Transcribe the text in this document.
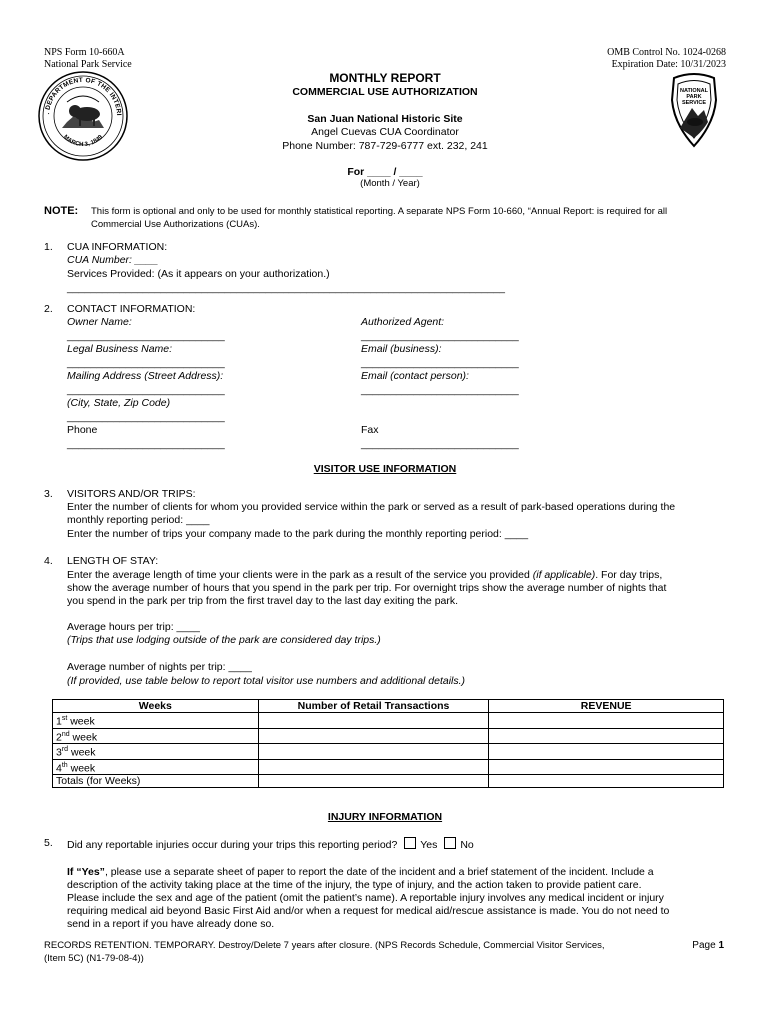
NPS Form 10-660A
National Park Service
OMB Control No. 1024-0268
Expiration Date: 10/31/2023
. DEPARTMENT OF THE INTERI
MARCH 3, 1849
NATIONAL
PARK
SERVICE
MONTHLY REPORT
COMMERCIAL USE AUTHORIZATION
San Juan National Historic Site
Angel Cuevas CUA Coordinator
Phone Number: 787-729-6777 ext. 232, 241
For ____ / ____
(Month / Year)
NOTE: This form is optional and only to be used for monthly statistical reporting. A separate NPS Form 10-660, “Annual Report: is required for all
Commercial Use Authorizations (CUAs).
1. CUA INFORMATION:
CUA Number: ____
Services Provided: (As it appears on your authorization.)
___________________________________________________________________________
2. CONTACT INFORMATION:
Owner Name:	Authorized Agent:
___________________________	___________________________
Legal Business Name:	Email (business):
___________________________	___________________________
Mailing Address (Street Address):	Email (contact person):
___________________________	___________________________
(City, State, Zip Code)
___________________________
Phone	Fax
___________________________	___________________________
VISITOR USE INFORMATION
3. VISITORS AND/OR TRIPS:
Enter the number of clients for whom you provided service within the park or served as a result of park-based operations during the
monthly reporting period: ____
Enter the number of trips your company made to the park during the monthly reporting period: ____
4. LENGTH OF STAY:
Enter the average length of time your clients were in the park as a result of the service you provided (if applicable). For day trips,
show the average number of hours that you spend in the park per trip. For overnight trips show the average number of nights that
you spend in the park per trip from the first travel day to the last day exiting the park.
Average hours per trip: ____
(Trips that use lodging outside of the park are considered day trips.)
Average number of nights per trip: ____
(If provided, use table below to report total visitor use numbers and additional details.)
Weeks	Number of Retail Transactions	REVENUE
1st week		
2nd week		
3rd week		
4th week		
Totals (for Weeks)		
INJURY INFORMATION
5. Did any reportable injuries occur during your trips this reporting period? Yes No
If “Yes”, please use a separate sheet of paper to report the date of the incident and a brief statement of the incident. Include a
description of the activity taking place at the time of the injury, the type of injury, and the action taken to provide patient care.
Please include the sex and age of the patient (omit the patient’s name). A reportable injury involves any medical incident or injury
requiring medical aid beyond Basic First Aid and/or when a request for medical aid/rescue assistance is made. You do not need to
send in a report if you have already done so.
RECORDS RETENTION. TEMPORARY. Destroy/Delete 7 years after closure. (NPS Records Schedule, Commercial Visitor Services,
(Item 5C) (N1-79-08-4))
Page 1
